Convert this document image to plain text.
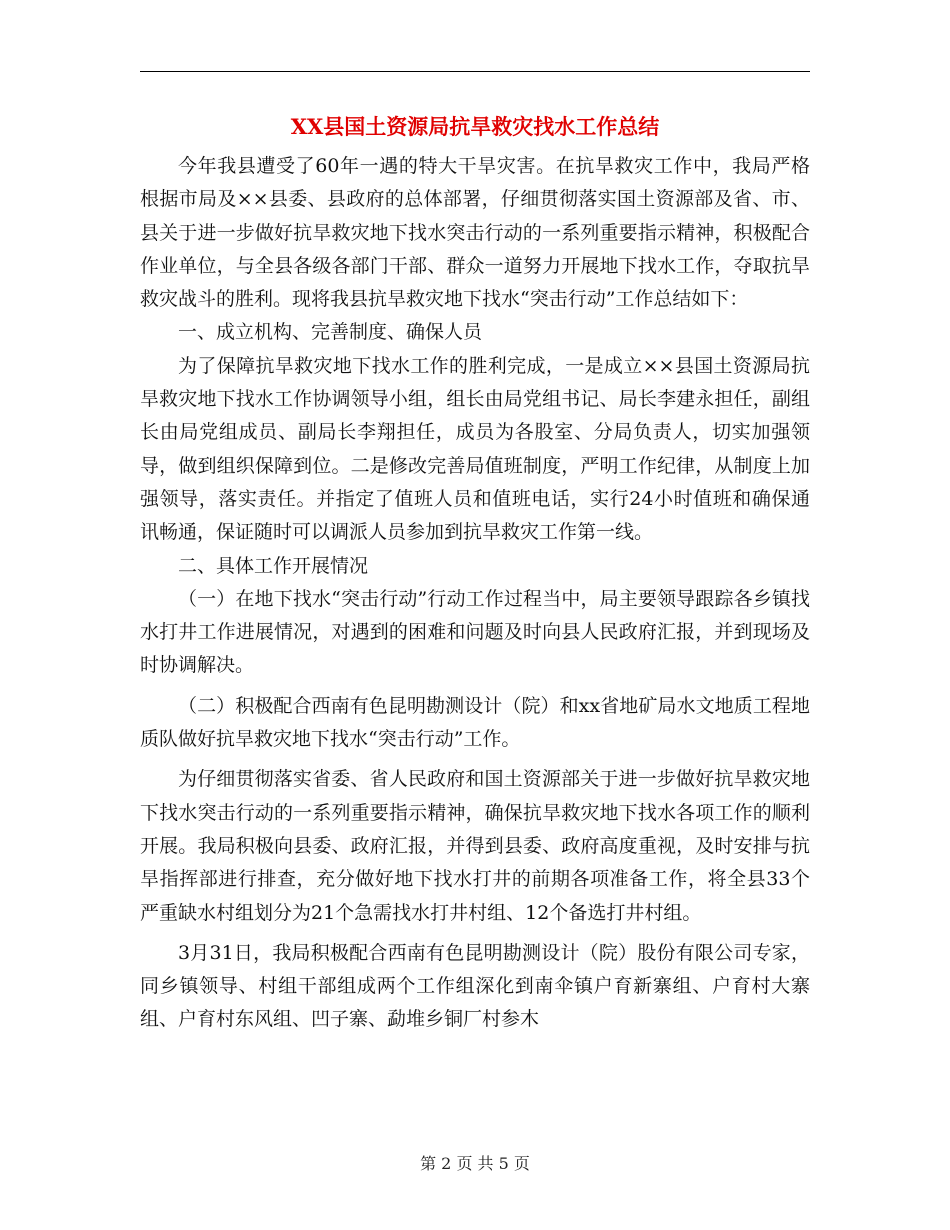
XX县国土资源局抗旱救灾找水工作总结

今年我县遭受了60年一遇的特大干旱灾害。在抗旱救灾工作中，我局严格根据市局及××县委、县政府的总体部署，仔细贯彻落实国土资源部及省、市、县关于进一步做好抗旱救灾地下找水突击行动的一系列重要指示精神，积极配合作业单位，与全县各级各部门干部、群众一道努力开展地下找水工作，夺取抗旱救灾战斗的胜利。现将我县抗旱救灾地下找水“突击行动”工作总结如下：

一、成立机构、完善制度、确保人员

为了保障抗旱救灾地下找水工作的胜利完成，一是成立××县国土资源局抗旱救灾地下找水工作协调领导小组，组长由局党组书记、局长李建永担任，副组长由局党组成员、副局长李翔担任，成员为各股室、分局负责人，切实加强领导，做到组织保障到位。二是修改完善局值班制度，严明工作纪律，从制度上加强领导，落实责任。并指定了值班人员和值班电话，实行24小时值班和确保通讯畅通，保证随时可以调派人员参加到抗旱救灾工作第一线。

二、具体工作开展情况

（一）在地下找水“突击行动”行动工作过程当中，局主要领导跟踪各乡镇找水打井工作进展情况，对遇到的困难和问题及时向县人民政府汇报，并到现场及时协调解决。

（二）积极配合西南有色昆明勘测设计（院）和xx省地矿局水文地质工程地质队做好抗旱救灾地下找水“突击行动”工作。

为仔细贯彻落实省委、省人民政府和国土资源部关于进一步做好抗旱救灾地下找水突击行动的一系列重要指示精神，确保抗旱救灾地下找水各项工作的顺利开展。我局积极向县委、政府汇报，并得到县委、政府高度重视，及时安排与抗旱指挥部进行排查，充分做好地下找水打井的前期各项准备工作，将全县33个严重缺水村组划分为21个急需找水打井村组、12个备选打井村组。

3月31日，我局积极配合西南有色昆明勘测设计（院）股份有限公司专家，同乡镇领导、村组干部组成两个工作组深化到南伞镇户育新寨组、户育村大寨组、户育村东风组、凹子寨、勐堆乡铜厂村参木

第 2 页 共 5 页
